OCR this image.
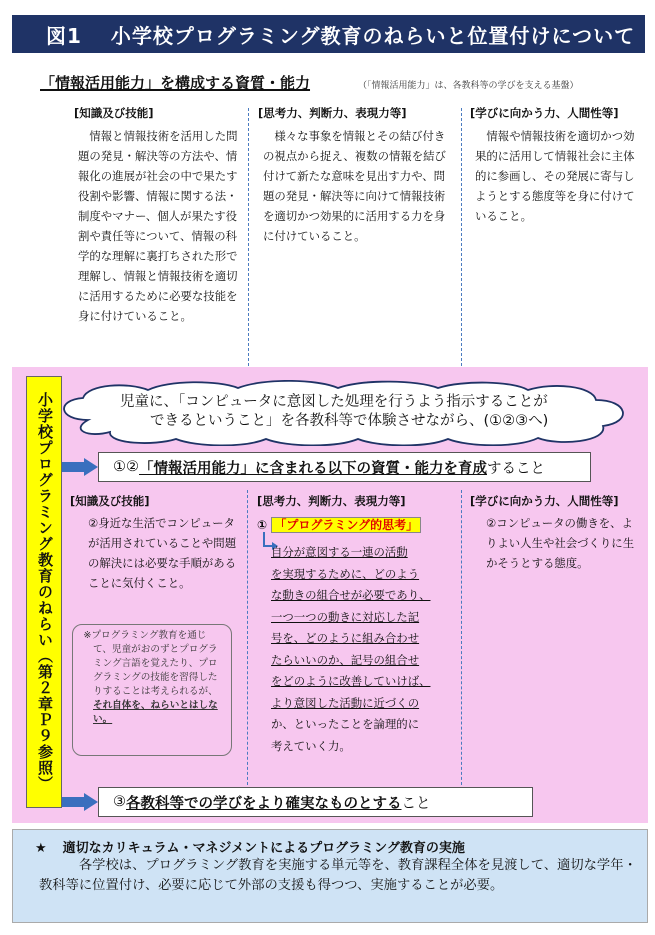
図1　 小学校プログラミング教育のねらいと位置付けについて
「情報活用能力」を構成する資質・能力	（「情報活用能力」は、各教科等の学びを支える基盤）
[知識及び技能]
情報と情報技術を活用した問題の発見・解決等の方法や、情報化の進展が社会の中で果たす役割や影響、情報に関する法・制度やマナー、個人が果たす役割や責任等について、情報の科学的な理解に裏打ちされた形で理解し、情報と情報技術を適切に活用するために必要な技能を身に付けていること。
[思考力、判断力、表現力等]
様々な事象を情報とその結び付きの視点から捉え、複数の情報を結び付けて新たな意味を見出す力や、問題の発見・解決等に向けて情報技術を適切かつ効果的に活用する力を身に付けていること。
[学びに向かう力、人間性等]
情報や情報技術を適切かつ効果的に活用して情報社会に主体的に参画し、その発展に寄与しようとする態度等を身に付けていること。
小学校プログラミング教育のねらい（第２章Ｐ９参照）	児童に、「コンピュータに意図した処理を行うよう指示することが
できるということ」を各教科等で体験させながら、(①②③へ)
①② 「情報活用能力」に含まれる以下の資質・能力を育成 すること
[知識及び技能]
②身近な生活でコンピュータが活用されていることや問題の解決には必要な手順があることに気付くこと。
※プログラミング教育を通じて、児童がおのずとプログラミング言語を覚えたり、プログラミングの技能を習得したりすることは考えられるが、それ自体を、ねらいとはしない。
[思考力、判断力、表現力等]
① 「プログラミング的思考」
自分が意図する一連の活動
を実現するために、どのよう
な動きの組合せが必要であり、
一つ一つの動きに対応した記
号を、どのように組み合わせ
たらいいのか、記号の組合せ
をどのように改善していけば、
より意図した活動に近づくの
か、といったことを論理的に
考えていく力。
[学びに向かう力、人間性等]
②コンピュータの働きを、よりよい人生や社会づくりに生かそうとする態度。
③ 各教科等での学びをより確実なものとする こと
★ 適切なカリキュラム・マネジメントによるプログラミング教育の実施
各学校は、プログラミング教育を実施する単元等を、教育課程全体を見渡して、適切な学年・教科等に位置付け、必要に応じて外部の支援も得つつ、実施することが必要。
